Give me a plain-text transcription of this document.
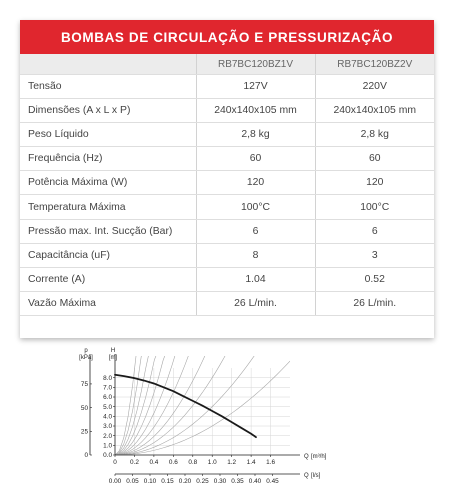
BOMBAS DE CIRCULAÇÃO E PRESSURIZAÇÃO
	RB7BC120BZ1V	RB7BC120BZ2V
Tensão	127V	220V
Dimensões (A x L x P)	240x140x105 mm	240x140x105 mm
Peso Líquido	2,8 kg	2,8 kg
Frequência (Hz)	60	60
Potência Máxima (W)	120	120
Temperatura Máxima	100°C	100°C
Pressão max. Int. Sucção (Bar)	6	6
Capacitância (uF)	8	3
Corrente (A)	1.04	0.52
Vazão Máxima	26 L/min.	26 L/min.
8.0
7.0
6.0
5.0
4.0
3.0
2.0
1.0
0.0
75
50
25
0
0 0.2 0.4 0.6 0.8 1.0 1.2 1.4 1.6
0.00 0.05 0.10 0.15 0.20 0.25 0.30 0.35 0.40 0.45
p
[kPa]
H
[m]
Q [m³/h]
Q [l/s]
